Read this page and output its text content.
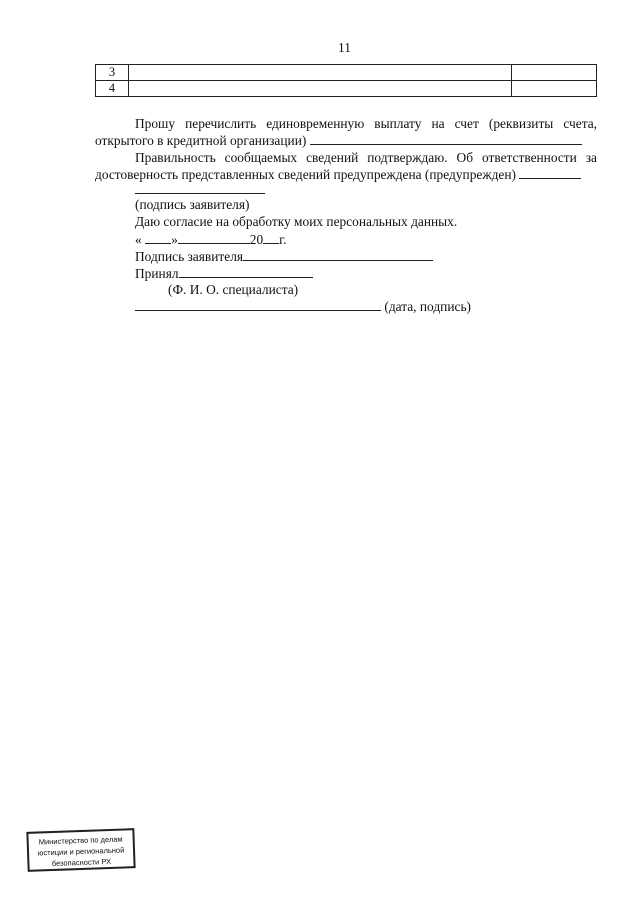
11
3		
4		
Прошу перечислить единовременную выплату на счет (реквизиты счета,
открытого в кредитной организации)
Правильность сообщаемых сведений подтверждаю. Об ответственности за
достоверность представленных сведений предупреждена (предупрежден)
(подпись заявителя)
Даю согласие на обработку моих персональных данных.
« »	20 г.
Подпись заявителя
Принял
(Ф. И. О. специалиста)
(дата, подпись)
Министерство по делам
юстиции и региональной
безопасности РХ
